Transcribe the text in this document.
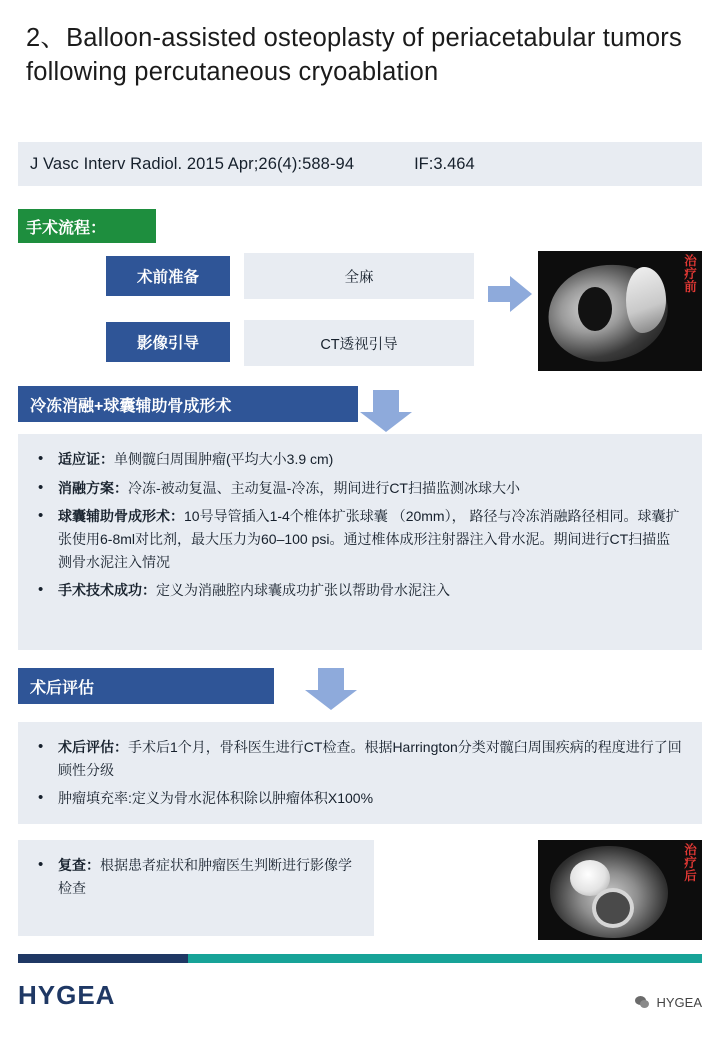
2、Balloon-assisted osteoplasty of periacetabular tumors following percutaneous cryoablation
J Vasc Interv Radiol. 2015 Apr;26(4):588-94	IF:3.464
手术流程：
术前准备	全麻
影像引导	CT透视引导
治疗前
冷冻消融+球囊辅助骨成形术
• 适应证：单侧髋臼周围肿瘤(平均大小3.9 cm)
• 消融方案：冷冻-被动复温、主动复温-冷冻，期间进行CT扫描监测冰球大小
• 球囊辅助骨成形术：10号导管插入1-4个椎体扩张球囊 （20mm）， 路径与冷冻消融路径相同。球囊扩张使用6-8ml对比剂，最大压力为60–100 psi。通过椎体成形注射器注入骨水泥。期间进行CT扫描监测骨水泥注入情况
• 手术技术成功：定义为消融腔内球囊成功扩张以帮助骨水泥注入
术后评估
• 术后评估：手术后1个月，骨科医生进行CT检查。根据Harrington分类对髋臼周围疾病的程度进行了回顾性分级
• 肿瘤填充率:定义为骨水泥体积除以肿瘤体积X100%
• 复查：根据患者症状和肿瘤医生判断进行影像学检查
治疗后
HYGEA	HYGEA
